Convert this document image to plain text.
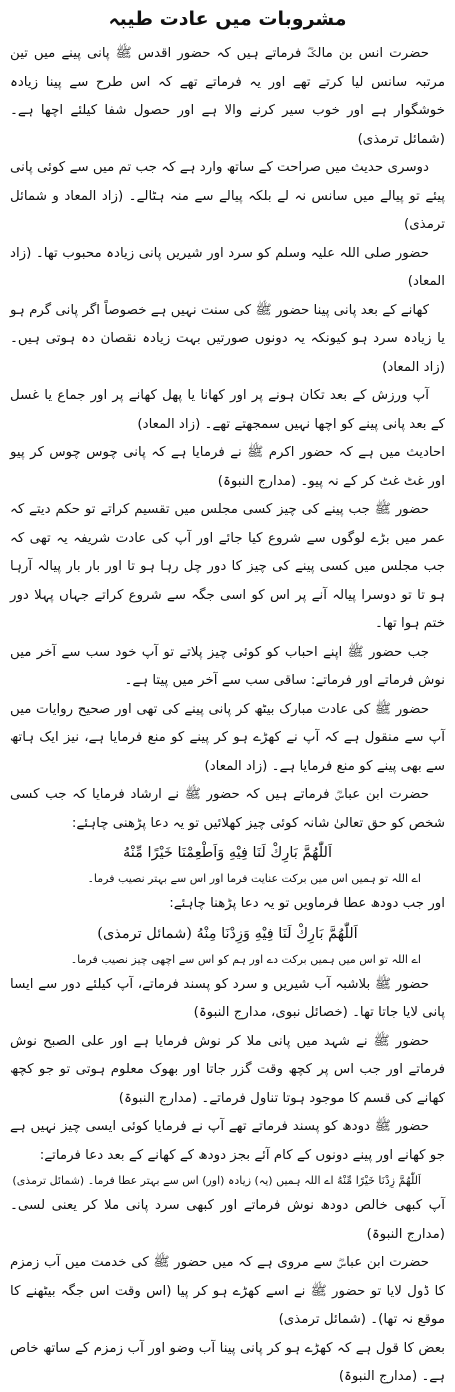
مشروبات میں عادت طیبہ

حضرت انس بن مالکؓ فرماتے ہیں کہ حضور اقدس ﷺ پانی پینے میں تین مرتبہ سانس لیا کرتے تھے اور یہ فرماتے تھے کہ اس طرح سے پینا زیادہ خوشگوار ہے اور خوب سیر کرنے والا ہے اور حصول شفا کیلئے اچھا ہے۔ (شمائل ترمذی)

دوسری حدیث میں صراحت کے ساتھ وارد ہے کہ جب تم میں سے کوئی پانی پیئے تو پیالے میں سانس نہ لے بلکہ پیالے سے منہ ہٹالے۔ (زاد المعاد و شمائل ترمذی)

حضور صلی اللہ علیہ وسلم کو سرد اور شیریں پانی زیادہ محبوب تھا۔ (زاد المعاد)

کھانے کے بعد پانی پینا حضور ﷺ کی سنت نہیں ہے خصوصاً اگر پانی گرم ہو یا زیادہ سرد ہو کیونکہ یہ دونوں صورتیں بہت زیادہ نقصان دہ ہوتی ہیں۔ (زاد المعاد)

آپ ورزش کے بعد تکان ہونے پر اور کھانا یا پھل کھانے پر اور جماع یا غسل کے بعد پانی پینے کو اچھا نہیں سمجھتے تھے۔ (زاد المعاد)

احادیث میں ہے کہ حضور اکرم ﷺ نے فرمایا ہے کہ پانی چوس چوس کر پیو اور غٹ غٹ کر کے نہ پیو۔ (مدارج النبوۃ)

حضور ﷺ جب پینے کی چیز کسی مجلس میں تقسیم کراتے تو حکم دیتے کہ عمر میں بڑے لوگوں سے شروع کیا جائے اور آپ کی عادت شریفہ یہ تھی کہ جب مجلس میں کسی پینے کی چیز کا دور چل رہا ہو تا اور بار بار پیالہ آرہا ہو تا تو دوسرا پیالہ آنے پر اس کو اسی جگہ سے شروع کراتے جہاں پہلا دور ختم ہوا تھا۔

جب حضور ﷺ اپنے احباب کو کوئی چیز پلاتے تو آپ خود سب سے آخر میں نوش فرماتے اور فرماتے: ساقی سب سے آخر میں پیتا ہے۔

حضور ﷺ کی عادت مبارک بیٹھ کر پانی پینے کی تھی اور صحیح روایات میں آپ سے منقول ہے کہ آپ نے کھڑے ہو کر پینے کو منع فرمایا ہے، نیز ایک ہاتھ سے بھی پینے کو منع فرمایا ہے۔ (زاد المعاد)

حضرت ابن عباسؓ فرماتے ہیں کہ حضور ﷺ نے ارشاد فرمایا کہ جب کسی شخص کو حق تعالیٰ شانہ کوئی چیز کھلائیں تو یہ دعا پڑھنی چاہئے:

اَللّٰهُمَّ بَارِكْ لَنَا فِيْهِ وَاَطْعِمْنَا خَيْرًا مِّنْهُ

اے اللہ تو ہمیں اس میں برکت عنایت فرما اور اس سے بہتر نصیب فرما۔

اور جب دودھ عطا فرماویں تو یہ دعا پڑھنا چاہئے:

اَللّٰهُمَّ بَارِكْ لَنَا فِيْهِ وَزِدْنَا مِنْهُ (شمائل ترمذی)

اے اللہ تو اس میں ہمیں برکت دے اور ہم کو اس سے اچھی چیز نصیب فرما۔

حضور ﷺ بلاشبہ آب شیریں و سرد کو پسند فرماتے، آپ کیلئے دور سے ایسا پانی لایا جاتا تھا۔ (خصائل نبوی، مدارج النبوۃ)

حضور ﷺ نے شہد میں پانی ملا کر نوش فرمایا ہے اور علی الصبح نوش فرماتے اور جب اس پر کچھ وقت گزر جاتا اور بھوک معلوم ہوتی تو جو کچھ کھانے کی قسم کا موجود ہوتا تناول فرماتے۔ (مدارج النبوۃ)

حضور ﷺ دودھ کو پسند فرماتے تھے آپ نے فرمایا کوئی ایسی چیز نہیں ہے جو کھانے اور پینے دونوں کے کام آئے بجز دودھ کے کھانے کے بعد دعا فرماتے:

اَللّٰهُمَّ زِدْنَا خَيْرًا مِّنْهُ اے اللہ ہمیں (یہ) زیادہ (اور) اس سے بہتر عطا فرما۔ (شمائل ترمذی)

آپ کبھی خالص دودھ نوش فرماتے اور کبھی سرد پانی ملا کر یعنی لسی۔ (مدارج النبوۃ)

حضرت ابن عباسؓ سے مروی ہے کہ میں حضور ﷺ کی خدمت میں آب زمزم کا ڈول لایا تو حضور ﷺ نے اسے کھڑے ہو کر پیا (اس وقت اس جگہ بیٹھنے کا موقع نہ تھا)۔ (شمائل ترمذی)

بعض کا قول ہے کہ کھڑے ہو کر پانی پینا آب وضو اور آب زمزم کے ساتھ خاص ہے۔ (مدارج النبوۃ)
